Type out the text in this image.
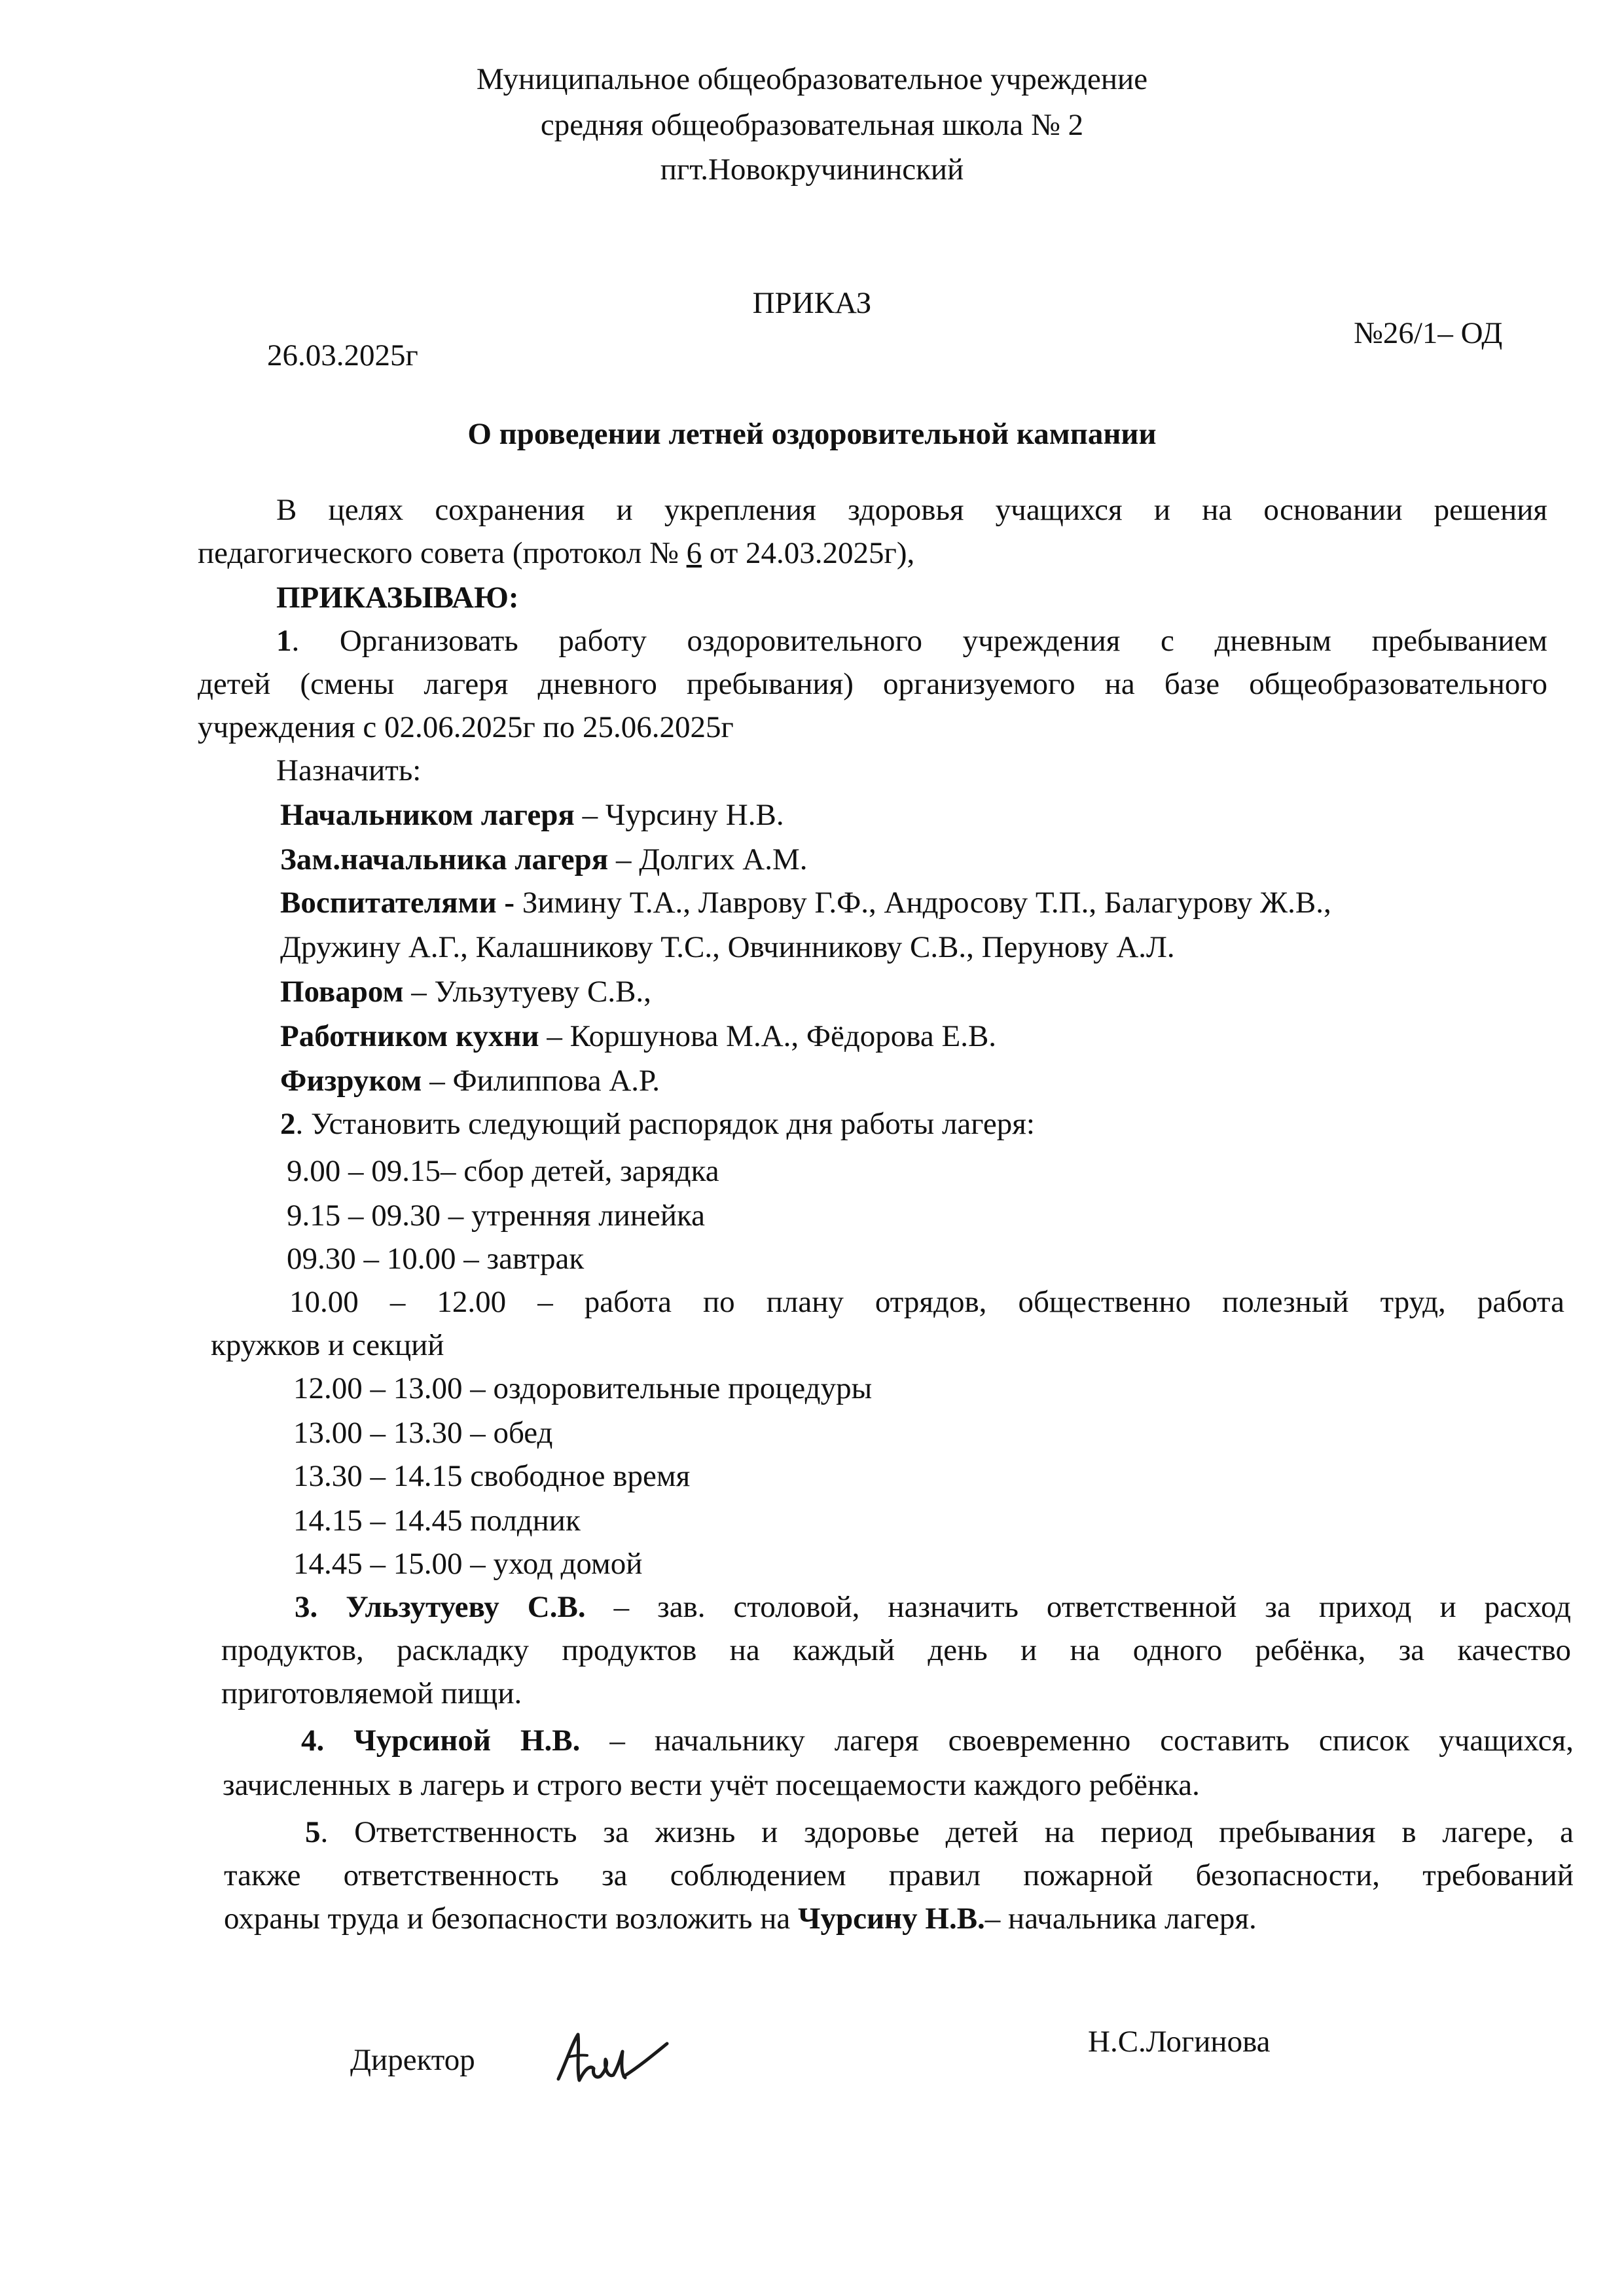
Муниципальное общеобразовательное учреждение
средняя общеобразовательная школа № 2
пгт.Новокручининский
ПРИКАЗ
26.03.2025г
№26/1– ОД
О проведении летней оздоровительной кампании
В целях сохранения и укрепления здоровья учащихся и на основании решения
педагогического совета (протокол № 6 от 24.03.2025г),
ПРИКАЗЫВАЮ:
1. Организовать работу оздоровительного учреждения с дневным пребыванием
детей (смены лагеря дневного пребывания) организуемого на базе общеобразовательного
учреждения с 02.06.2025г по 25.06.2025г
Назначить:
Начальником лагеря – Чурсину Н.В.
Зам.начальника лагеря – Долгих А.М.
Воспитателями - Зимину Т.А., Лаврову Г.Ф., Андросову Т.П., Балагурову Ж.В.,
Дружину А.Г., Калашникову Т.С., Овчинникову С.В., Перунову А.Л.
Поваром – Ульзутуеву С.В.,
Работником кухни – Коршунова М.А., Фёдорова Е.В.
Физруком – Филиппова А.Р.
2. Установить следующий распорядок дня работы лагеря:
9.00 – 09.15– сбор детей, зарядка
9.15 – 09.30 – утренняя линейка
09.30 – 10.00 – завтрак
10.00 – 12.00 – работа по плану отрядов, общественно полезный труд, работа
кружков и секций
12.00 – 13.00 – оздоровительные процедуры
13.00 – 13.30 – обед
13.30 – 14.15 свободное время
14.15 – 14.45 полдник
14.45 – 15.00 – уход домой
3. Ульзутуеву С.В. – зав. столовой, назначить ответственной за приход и расход
продуктов, раскладку продуктов на каждый день и на одного ребёнка, за качество
приготовляемой пищи.
4. Чурсиной Н.В. – начальнику лагеря своевременно составить список учащихся,
зачисленных в лагерь и строго вести учёт посещаемости каждого ребёнка.
5. Ответственность за жизнь и здоровье детей на период пребывания в лагере, а
также ответственность за соблюдением правил пожарной безопасности, требований
охраны труда и безопасности возложить на Чурсину Н.В.– начальника лагеря.
Директор
Н.С.Логинова
